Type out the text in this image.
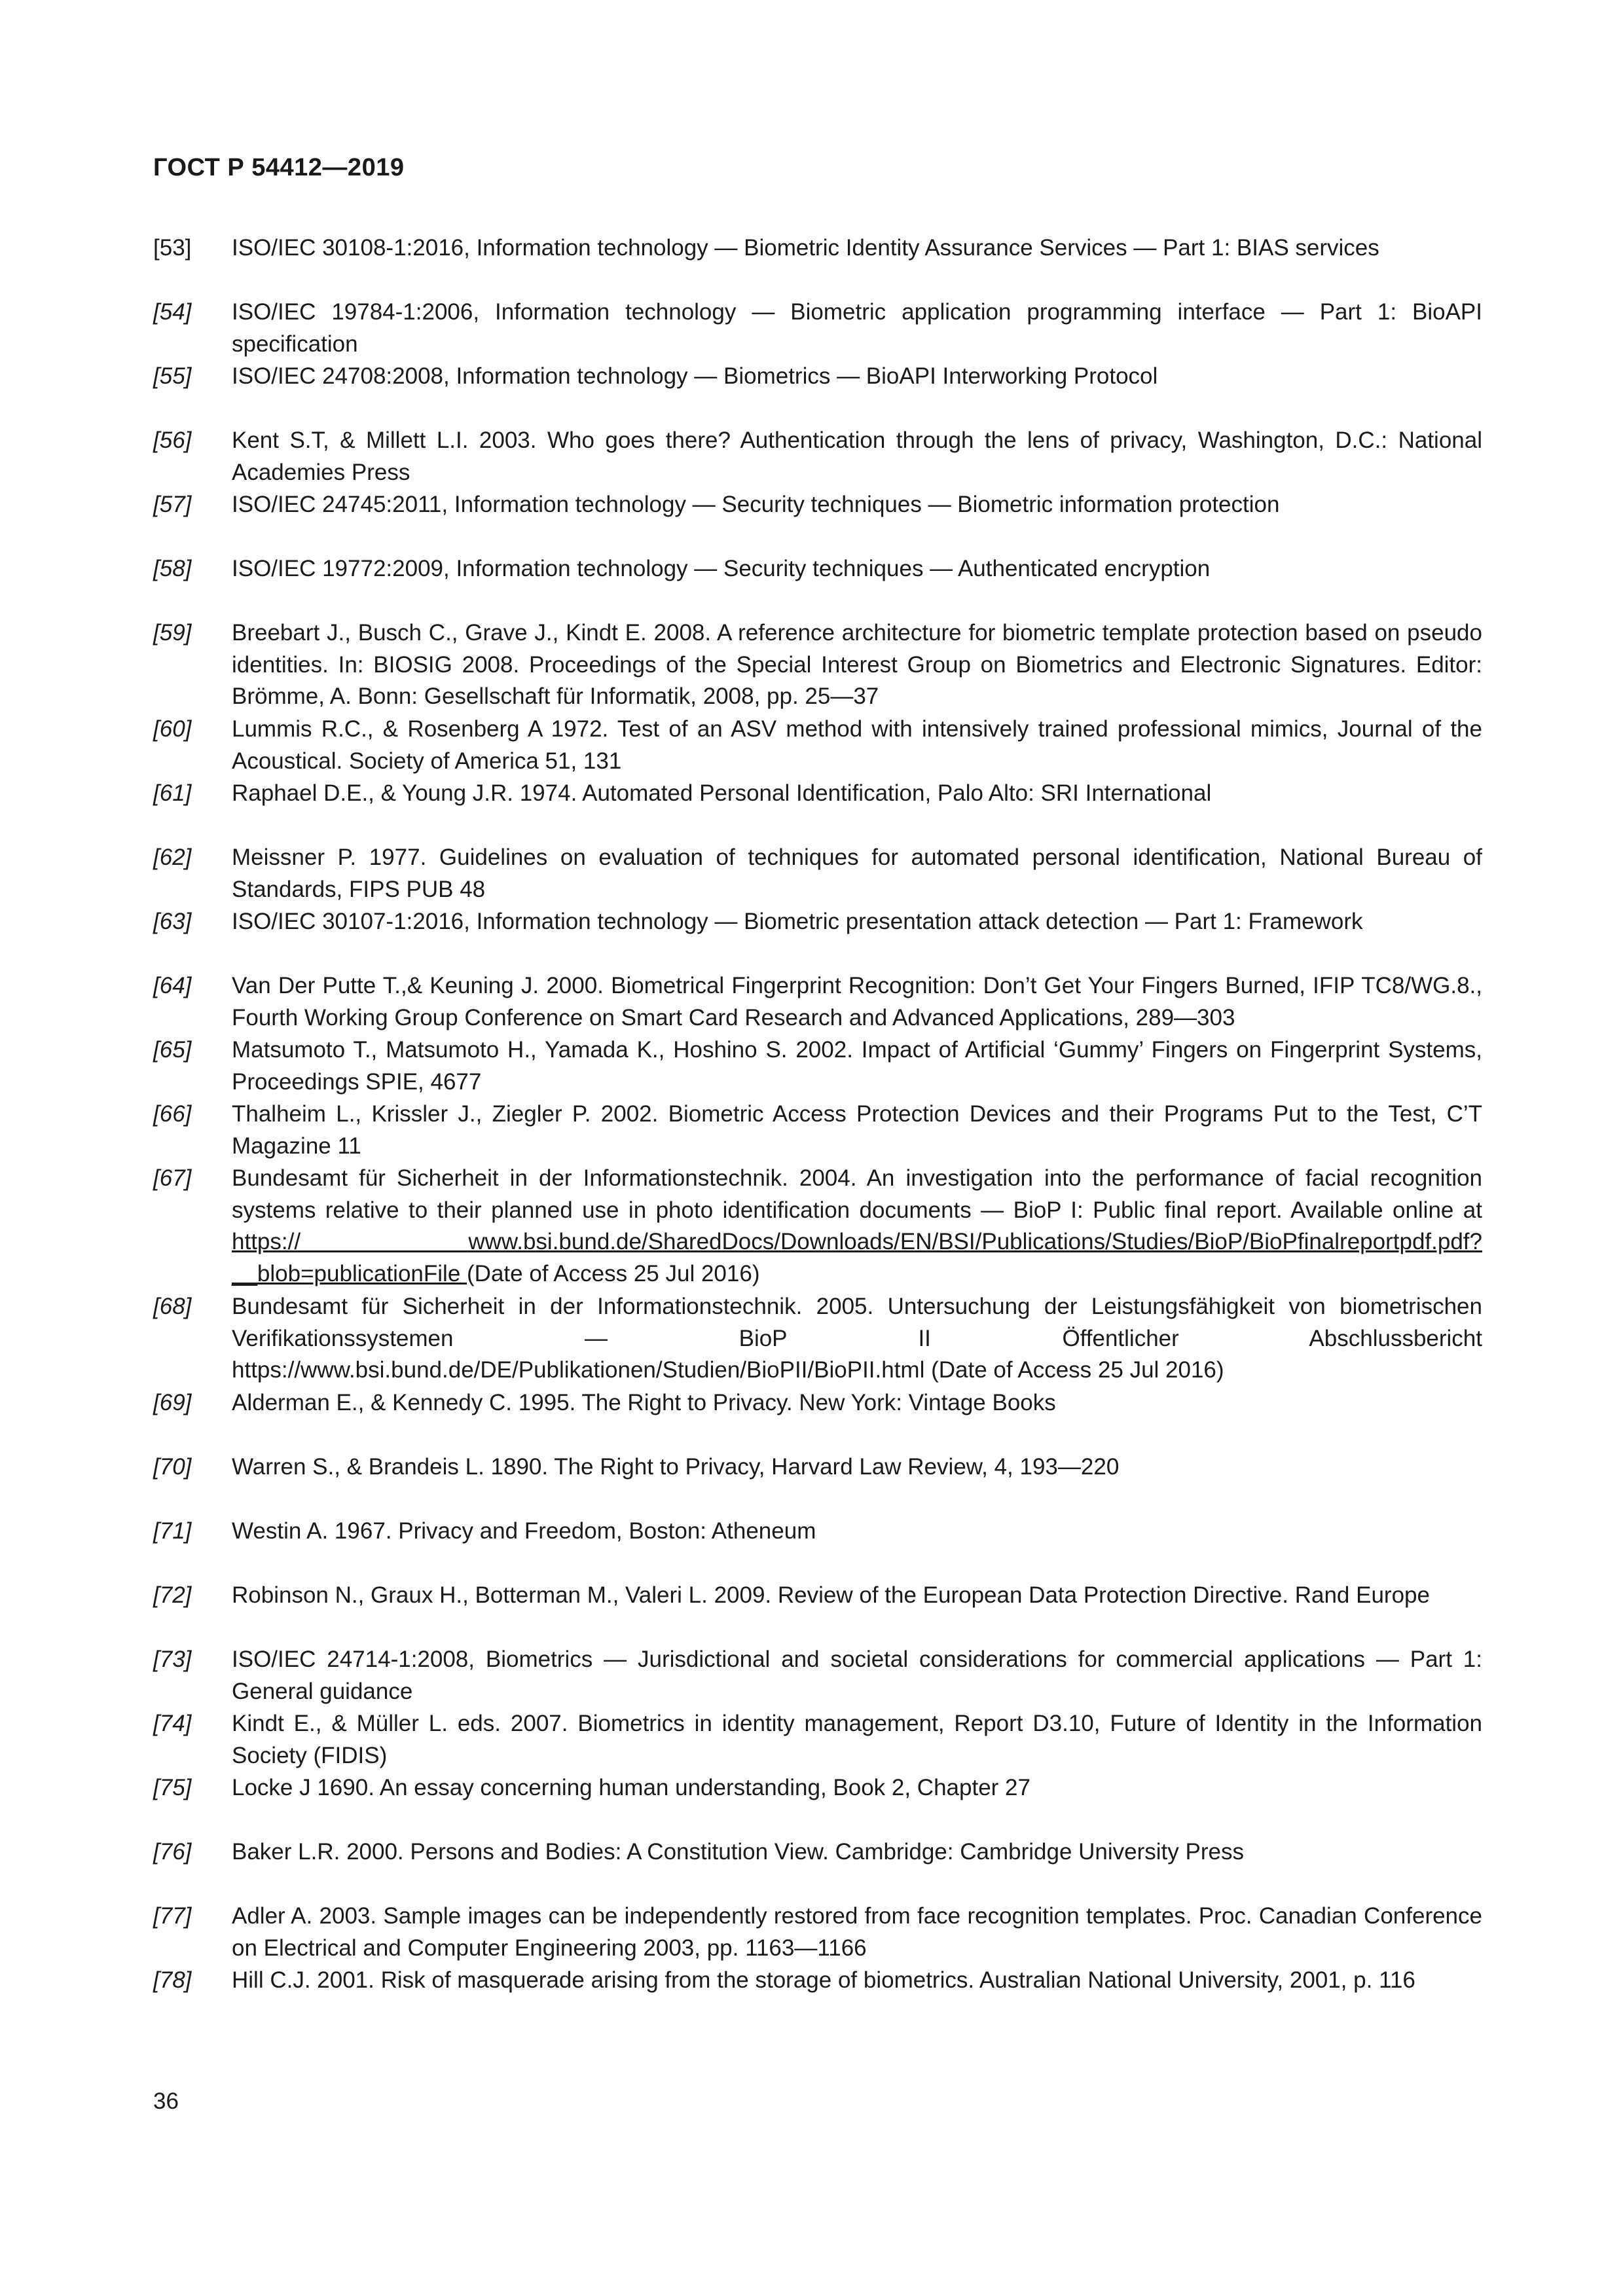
ГОСТ Р 54412—2019
[53]	ISO/IEC 30108-1:2016, Information technology — Biometric Identity Assurance Services — Part 1: BIAS services
[54]	ISO/IEC 19784-1:2006, Information technology — Biometric application programming interface — Part 1: BioAPI specification
[55]	ISO/IEC 24708:2008, Information technology — Biometrics — BioAPI Interworking Protocol
[56]	Kent S.T, & Millett L.I. 2003. Who goes there? Authentication through the lens of privacy, Washington, D.C.: National Academies Press
[57]	ISO/IEC 24745:2011, Information technology — Security techniques — Biometric information protection
[58]	ISO/IEC 19772:2009, Information technology — Security techniques — Authenticated encryption
[59]	Breebart J., Busch C., Grave J., Kindt E. 2008. A reference architecture for biometric template protection based on pseudo identities. In: BIOSIG 2008. Proceedings of the Special Interest Group on Biometrics and Electronic Signatures. Editor: Brömme, A. Bonn: Gesellschaft für Informatik, 2008, pp. 25—37
[60]	Lummis R.C., & Rosenberg A 1972. Test of an ASV method with intensively trained professional mimics, Journal of the Acoustical. Society of America 51, 131
[61]	Raphael D.E., & Young J.R. 1974. Automated Personal Identification, Palo Alto: SRI International
[62]	Meissner P. 1977. Guidelines on evaluation of techniques for automated personal identification, National Bureau of Standards, FIPS PUB 48
[63]	ISO/IEC 30107-1:2016, Information technology — Biometric presentation attack detection — Part 1: Framework
[64]	Van Der Putte T.,& Keuning J. 2000. Biometrical Fingerprint Recognition: Don’t Get Your Fingers Burned, IFIP TC8/WG.8., Fourth Working Group Conference on Smart Card Research and Advanced Applications, 289—303
[65]	Matsumoto T., Matsumoto H., Yamada K., Hoshino S. 2002. Impact of Artificial ‘Gummy’ Fingers on Fingerprint Systems, Proceedings SPIE, 4677
[66]	Thalheim L., Krissler J., Ziegler P. 2002. Biometric Access Protection Devices and their Programs Put to the Test, C’T Magazine 11
[67]	Bundesamt für Sicherheit in der Informationstechnik. 2004. An investigation into the performance of facial recognition systems relative to their planned use in photo identification documents — BioP I: Public final report. Available online at https:// www.bsi.bund.de/SharedDocs/Downloads/EN/BSI/Publications/Studies/BioP/BioPfinalreportpdf.pdf?__blob=publicationFile (Date of Access 25 Jul 2016)
[68]	Bundesamt für Sicherheit in der Informationstechnik. 2005. Untersuchung der Leistungsfähigkeit von biometrischen Verifikationssystemen — BioP II Öffentlicher Abschlussbericht https://www.bsi.bund.de/DE/Publikationen/Studien/BioPII/BioPII.html (Date of Access 25 Jul 2016)
[69]	Alderman E., & Kennedy C. 1995. The Right to Privacy. New York: Vintage Books
[70]	Warren S., & Brandeis L. 1890. The Right to Privacy, Harvard Law Review, 4, 193—220
[71]	Westin A. 1967. Privacy and Freedom, Boston: Atheneum
[72]	Robinson N., Graux H., Botterman M., Valeri L. 2009. Review of the European Data Protection Directive. Rand Europe
[73]	ISO/IEC 24714-1:2008, Biometrics — Jurisdictional and societal considerations for commercial applications — Part 1: General guidance
[74]	Kindt E., & Müller L. eds. 2007. Biometrics in identity management, Report D3.10, Future of Identity in the Information Society (FIDIS)
[75]	Locke J 1690. An essay concerning human understanding, Book 2, Chapter 27
[76]	Baker L.R. 2000. Persons and Bodies: A Constitution View. Cambridge: Cambridge University Press
[77]	Adler A. 2003. Sample images can be independently restored from face recognition templates. Proc. Canadian Conference on Electrical and Computer Engineering 2003, pp. 1163—1166
[78]	Hill C.J. 2001. Risk of masquerade arising from the storage of biometrics. Australian National University, 2001, p. 116
36
